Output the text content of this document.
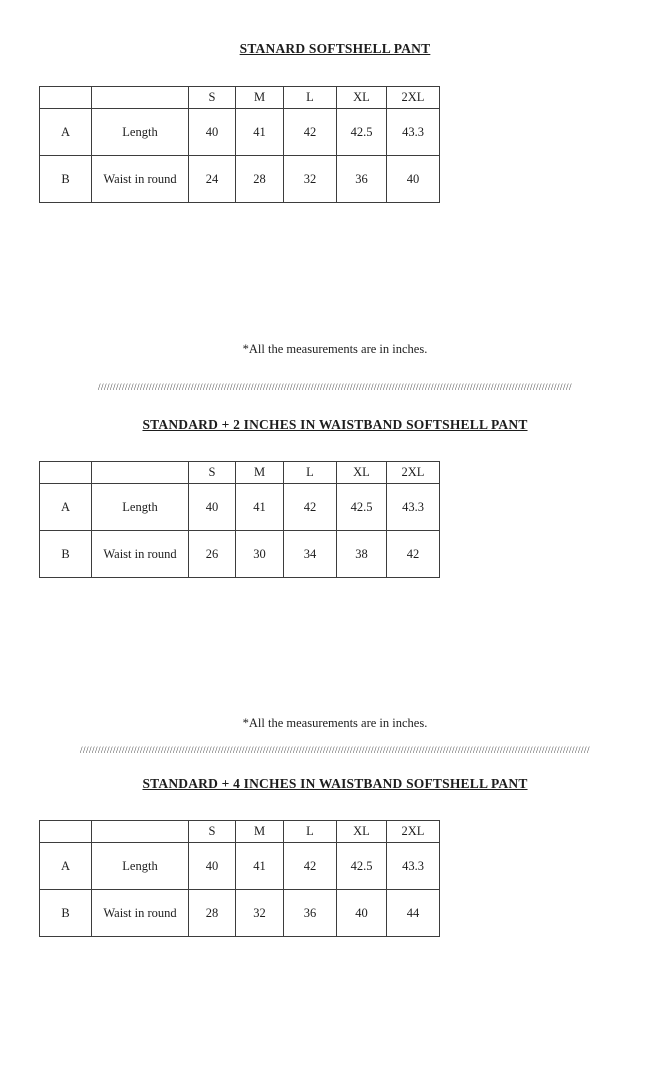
STANARD SOFTSHELL PANT
		S	M	L	XL	2XL
A	Length	40	41	42	42.5	43.3
B	Waist in round	24	28	32	36	40

*All the measurements are in inches.

//////////////////////////////////////////////////////////////////////////////////////////////////////////////////////////////////////////////////////////////
STANDARD + 2 INCHES IN WAISTBAND SOFTSHELL PANT
		S	M	L	XL	2XL
A	Length	40	41	42	42.5	43.3
B	Waist in round	26	30	34	38	42

*All the measurements are in inches.

//////////////////////////////////////////////////////////////////////////////////////////////////////////////////////////////////////////////////////////////////////////
STANDARD + 4 INCHES IN WAISTBAND SOFTSHELL PANT
		S	M	L	XL	2XL
A	Length	40	41	42	42.5	43.3
B	Waist in round	28	32	36	40	44
